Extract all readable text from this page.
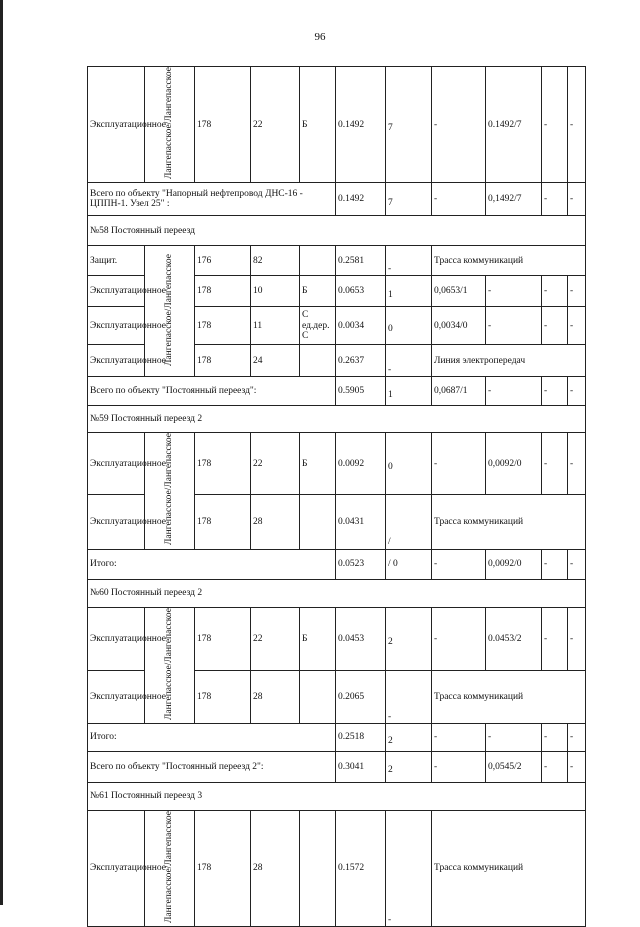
96
Эксплуатационное	Лангепасское/Лангепасское	178	22	Б	0.1492	7	-	0.1492/7	-	-
Всего по объекту "Напорный нефтепровод ДНС-16 - ЦППН-1. Узел 25" :					0.1492	7	-	0,1492/7	-	-
№58 Постоянный переезд										
Защит.	Лангепасское/Лангепасское	176	82		0.2581	-	Трасса коммуникаций			
Эксплуатационное		178	10	Б	0.0653	1	0,0653/1	-	-	-
Эксплуатационное		178	11	С ед.дер. С	0.0034	0	0,0034/0	-	-	-
Эксплуатационное		178	24		0.2637	-	Линия электропередач			
Всего по объекту "Постоянный переезд":					0.5905	1	0,0687/1	-	-	-
№59 Постоянный переезд 2										
Эксплуатационное	Лангепасское/Лангепасское	178	22	Б	0.0092	0	-	0,0092/0	-	-
Эксплуатационное		178	28		0.0431	/	Трасса коммуникаций			
Итого:					0.0523	/ 0	-	0,0092/0	-	-
№60 Постоянный переезд 2										
Эксплуатационное	Лангепасское/Лангепасское	178	22	Б	0.0453	2	-	0.0453/2	-	-
Эксплуатационное		178	28		0.2065	-	Трасса коммуникаций			
Итого:					0.2518	2	-	-	-	-
Всего по объекту "Постоянный переезд 2":					0.3041	2	-	0,0545/2	-	-
№61 Постоянный переезд 3										
Эксплуатационное	Лангепасское/Лангепасское	178	28		0.1572	-	Трасса коммуникаций			
